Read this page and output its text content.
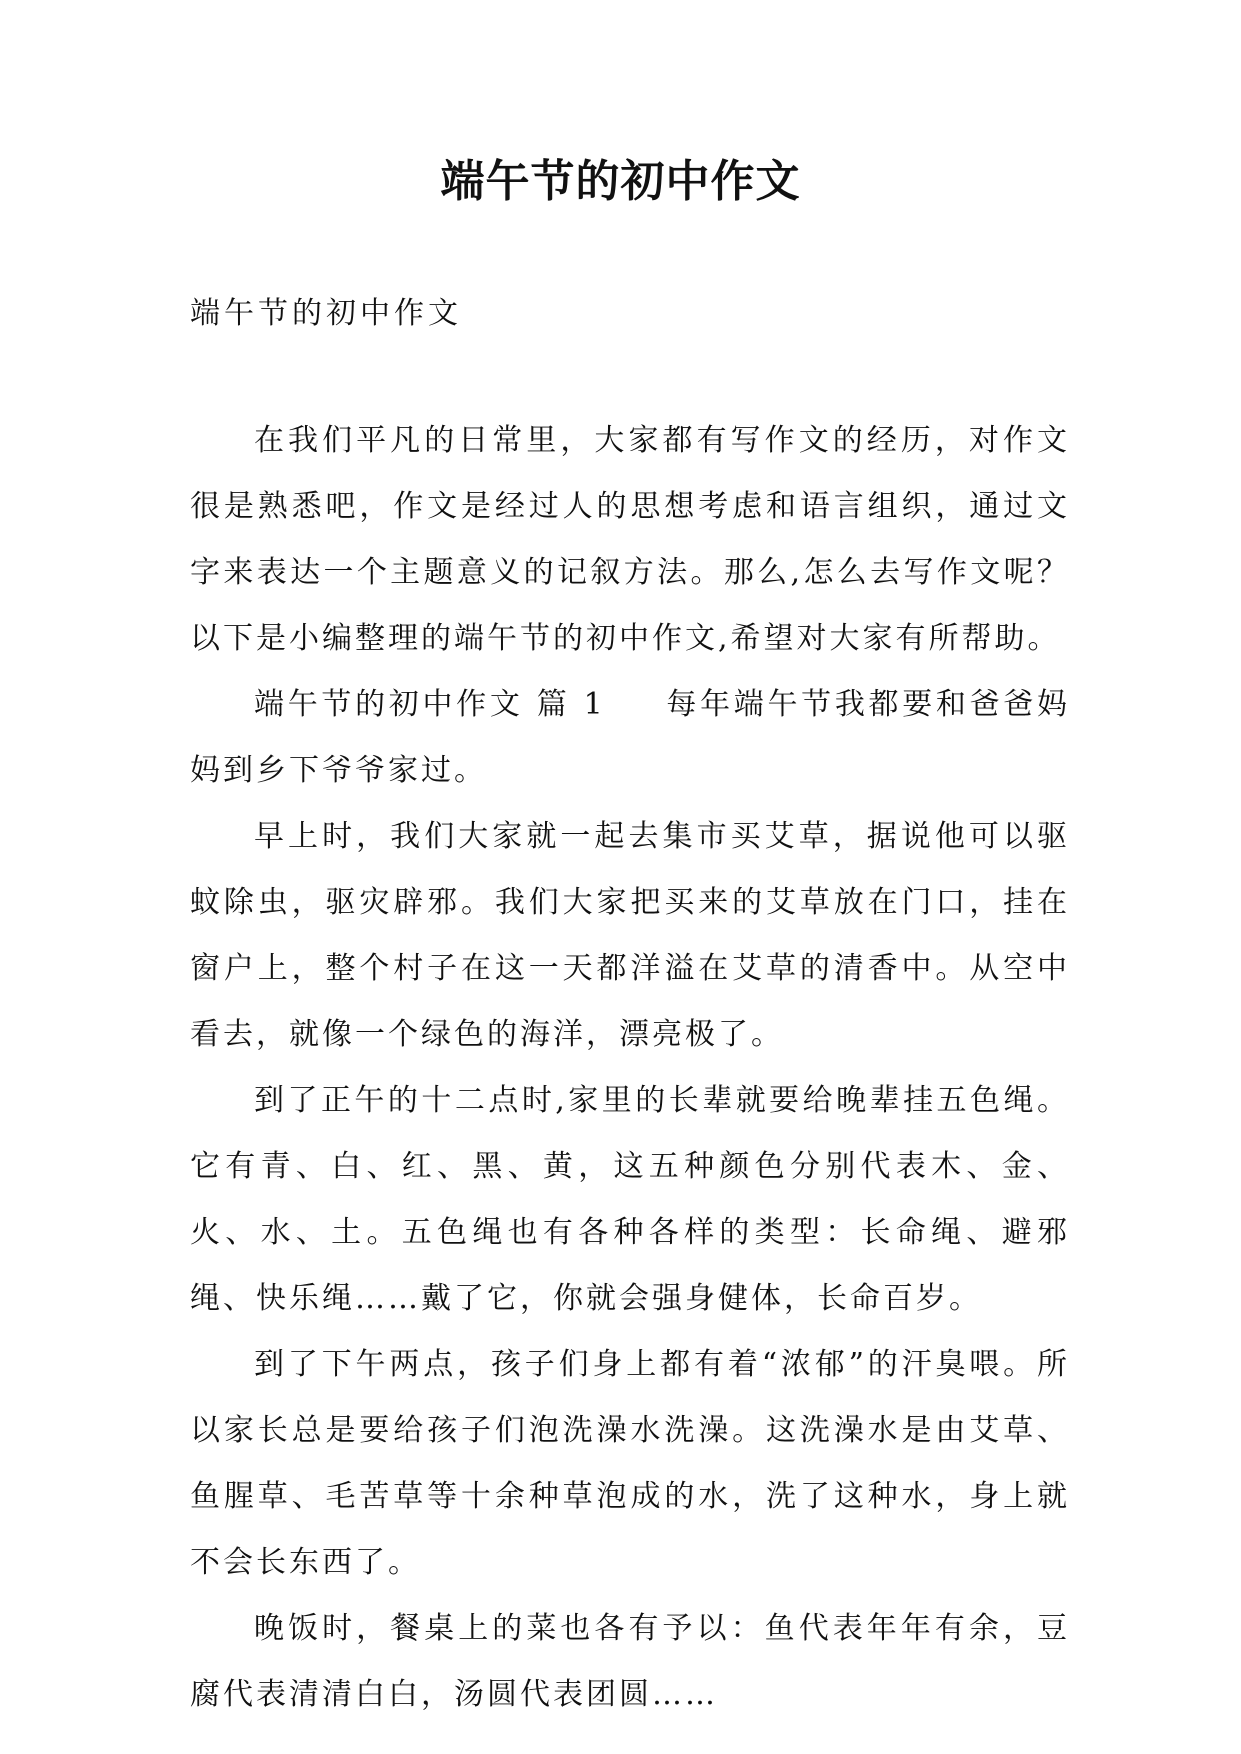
端午节的初中作文

端午节的初中作文

在我们平凡的日常里，大家都有写作文的经历，对作文很是熟悉吧，作文是经过人的思想考虑和语言组织，通过文字来表达一个主题意义的记叙方法。那么,怎么去写作文呢？以下是小编整理的端午节的初中作文,希望对大家有所帮助。

端午节的初中作文 篇 1 每年端午节我都要和爸爸妈妈到乡下爷爷家过。

早上时，我们大家就一起去集市买艾草，据说他可以驱蚊除虫，驱灾辟邪。我们大家把买来的艾草放在门口，挂在窗户上，整个村子在这一天都洋溢在艾草的清香中。从空中看去，就像一个绿色的海洋，漂亮极了。

到了正午的十二点时,家里的长辈就要给晚辈挂五色绳。它有青、白、红、黑、黄，这五种颜色分别代表木、金、火、水、土。五色绳也有各种各样的类型：长命绳、避邪绳、快乐绳……戴了它，你就会强身健体，长命百岁。

到了下午两点，孩子们身上都有着“浓郁”的汗臭喂。所以家长总是要给孩子们泡洗澡水洗澡。这洗澡水是由艾草、鱼腥草、毛苦草等十余种草泡成的水，洗了这种水，身上就不会长东西了。

晚饭时，餐桌上的菜也各有予以：鱼代表年年有余，豆腐代表清清白白，汤圆代表团圆……
